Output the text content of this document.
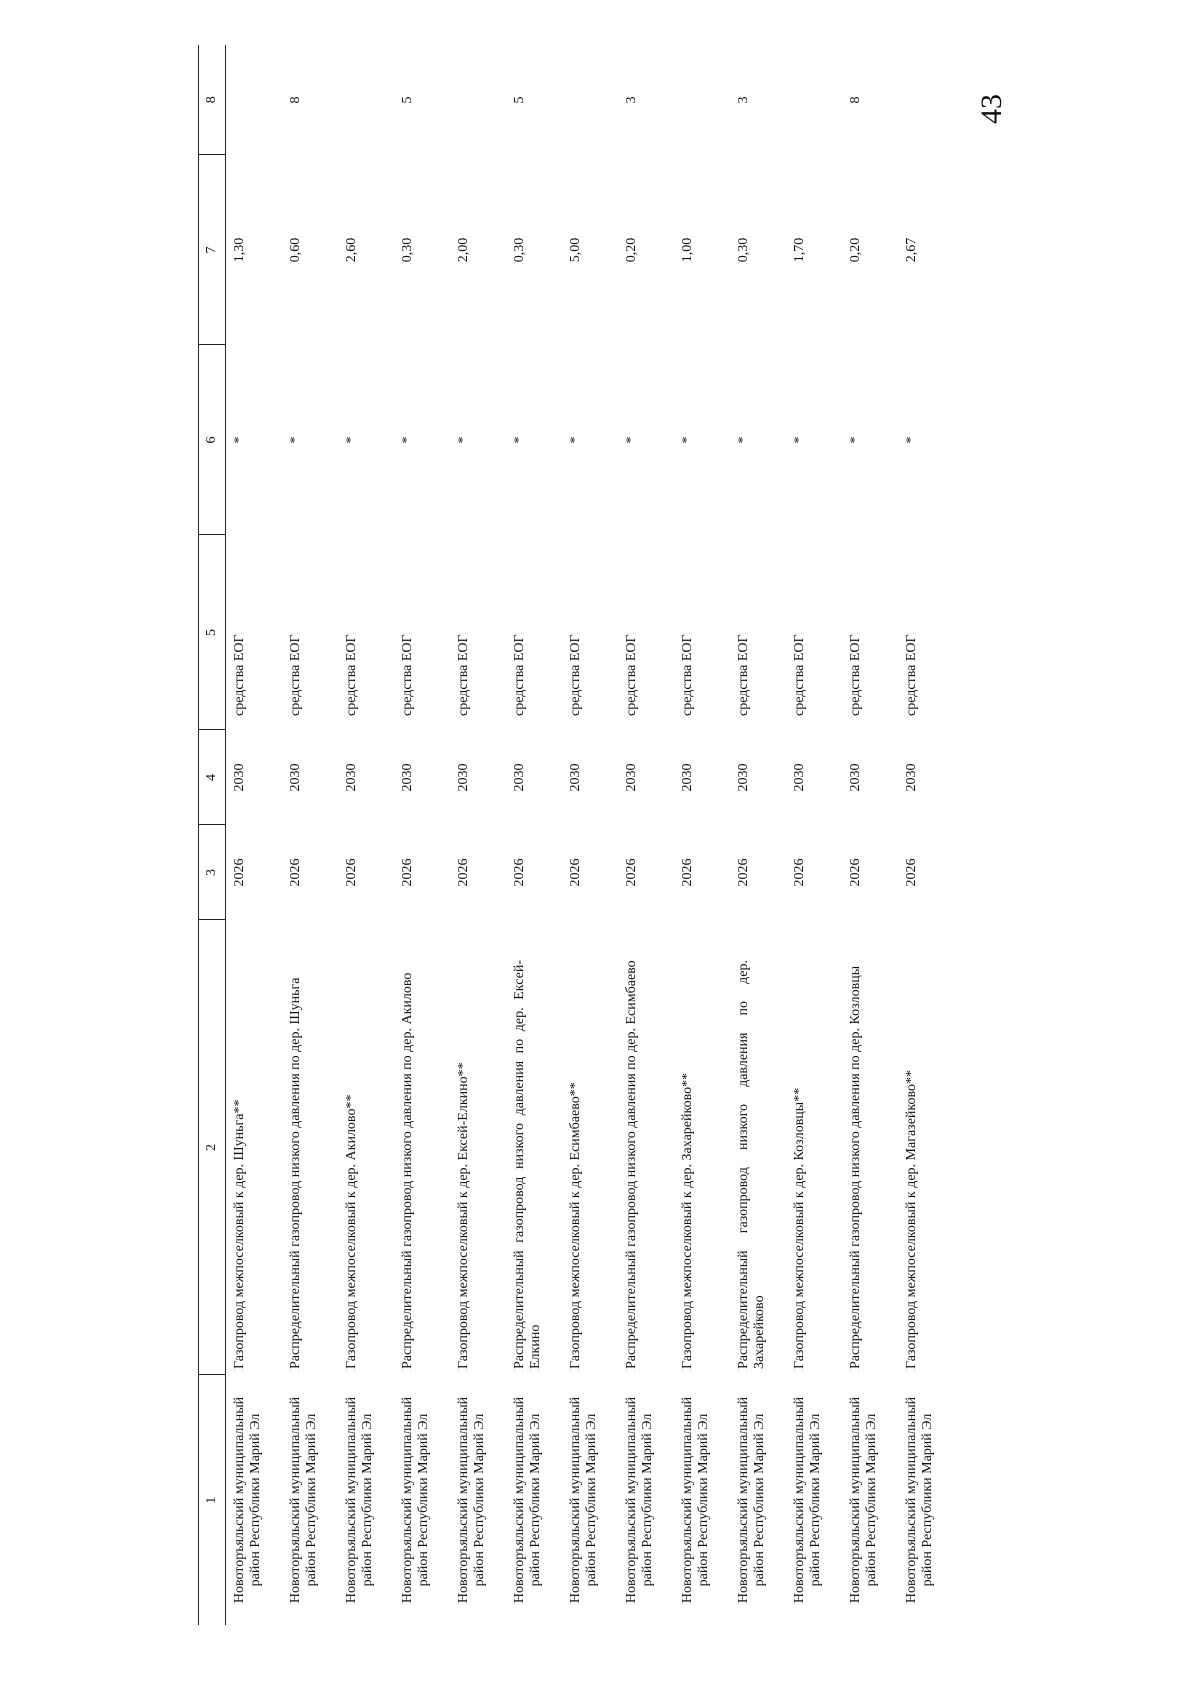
43
1	2	3	4	5	6	7	8
Новоторъяльский муниципальный район Республики Марий Эл	Газопровод межпоселковый к дер. Шуньга**	2026	2030	средства ЕОГ	*	1,30	
Новоторъяльский муниципальный район Республики Марий Эл	Распределительный газопровод низкого давления по дер. Шуньга	2026	2030	средства ЕОГ	*	0,60	8
Новоторъяльский муниципальный район Республики Марий Эл	Газопровод межпоселковый к дер. Акилово**	2026	2030	средства ЕОГ	*	2,60	
Новоторъяльский муниципальный район Республики Марий Эл	Распределительный газопровод низкого давления по дер. Акилово	2026	2030	средства ЕОГ	*	0,30	5
Новоторъяльский муниципальный район Республики Марий Эл	Газопровод межпоселковый к дер. Ексей-Елкино**	2026	2030	средства ЕОГ	*	2,00	
Новоторъяльский муниципальный район Республики Марий Эл	Распределительный газопровод низкого давления по дер. Ексей-Елкино	2026	2030	средства ЕОГ	*	0,30	5
Новоторъяльский муниципальный район Республики Марий Эл	Газопровод межпоселковый к дер. Есимбаево**	2026	2030	средства ЕОГ	*	5,00	
Новоторъяльский муниципальный район Республики Марий Эл	Распределительный газопровод низкого давления по дер. Есимбаево	2026	2030	средства ЕОГ	*	0,20	3
Новоторъяльский муниципальный район Республики Марий Эл	Газопровод межпоселковый к дер. Захарейково**	2026	2030	средства ЕОГ	*	1,00	
Новоторъяльский муниципальный район Республики Марий Эл	Распределительный газопровод низкого давления по дер. Захарейково	2026	2030	средства ЕОГ	*	0,30	3
Новоторъяльский муниципальный район Республики Марий Эл	Газопровод межпоселковый к дер. Козловцы**	2026	2030	средства ЕОГ	*	1,70	
Новоторъяльский муниципальный район Республики Марий Эл	Распределительный газопровод низкого давления по дер. Козловцы	2026	2030	средства ЕОГ	*	0,20	8
Новоторъяльский муниципальный район Республики Марий Эл	Газопровод межпоселковый к дер. Магазейково**	2026	2030	средства ЕОГ	*	2,67	
